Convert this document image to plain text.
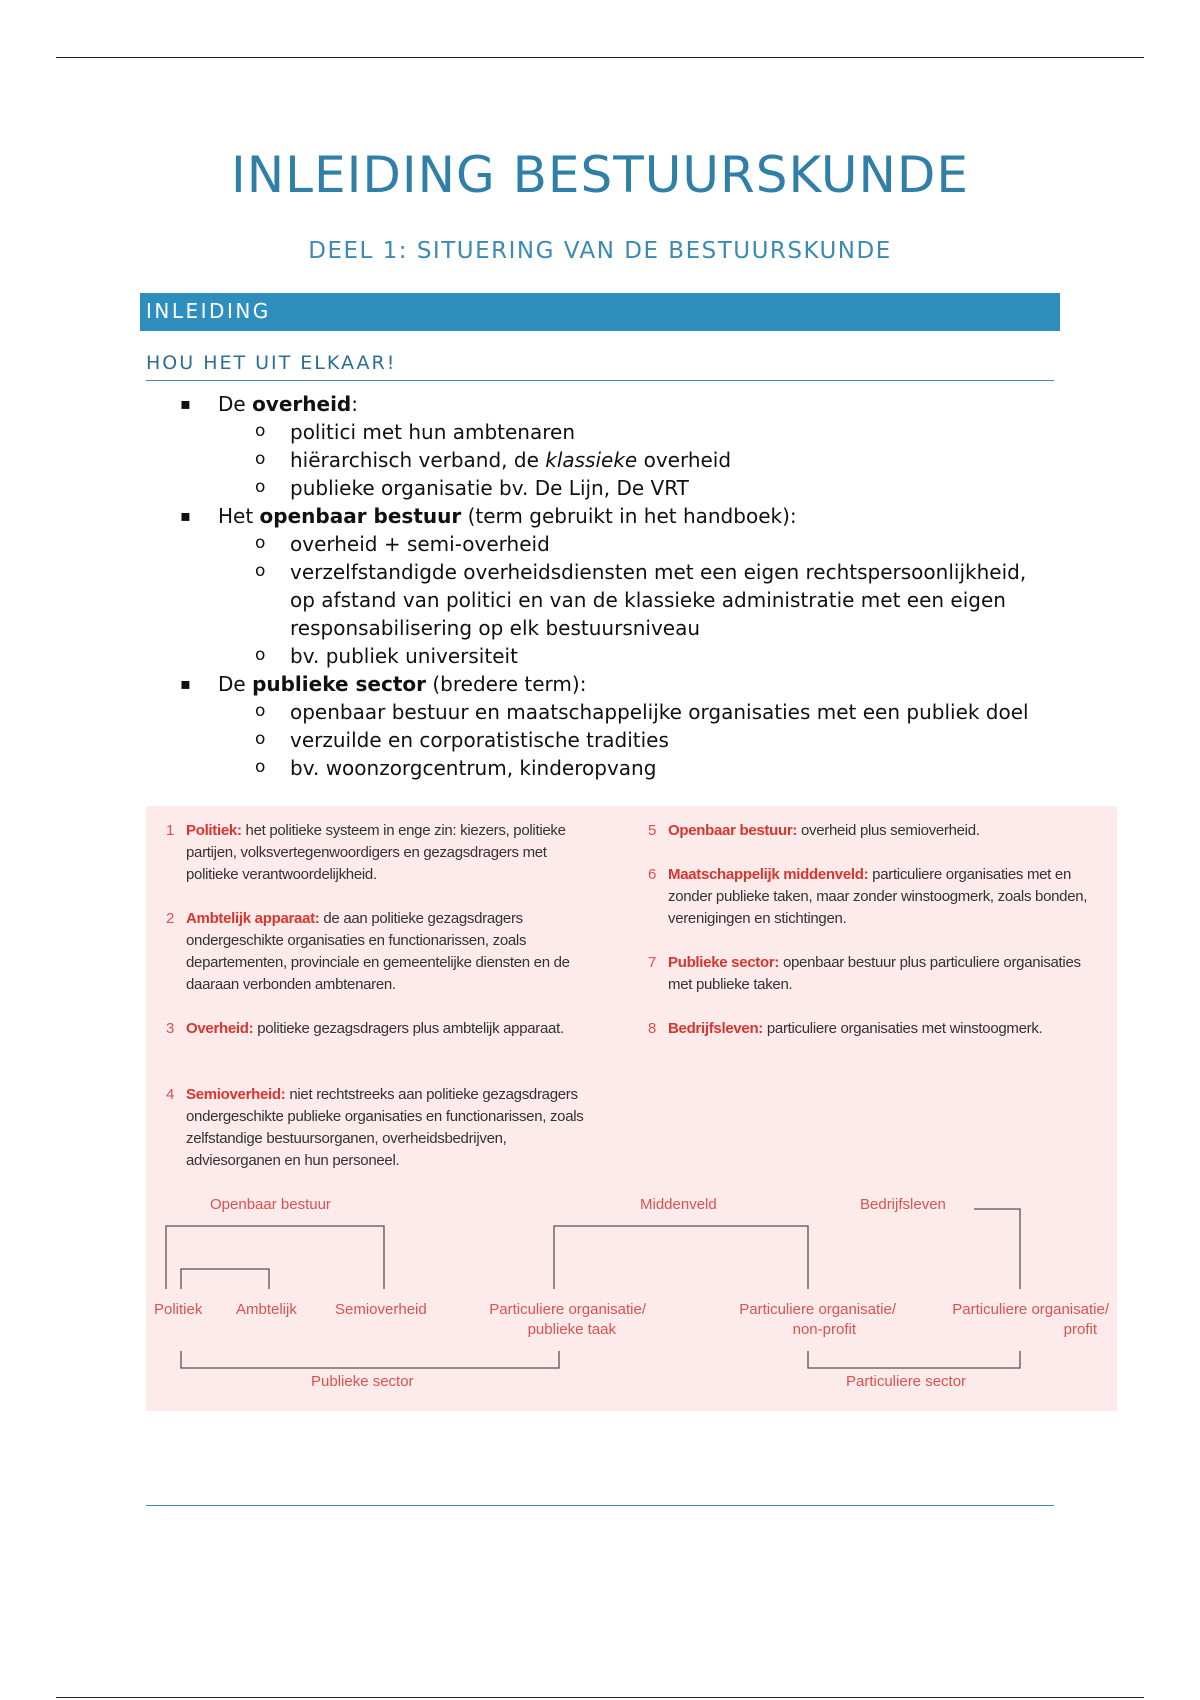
INLEIDING BESTUURSKUNDE
DEEL 1: SITUERING VAN DE BESTUURSKUNDE
INLEIDING
HOU HET UIT ELKAAR!
▪ De overheid:
o politici met hun ambtenaren
o hiërarchisch verband, de klassieke overheid
o publieke organisatie bv. De Lijn, De VRT
▪ Het openbaar bestuur (term gebruikt in het handboek):
o overheid + semi-overheid
o verzelfstandigde overheidsdiensten met een eigen rechtspersoonlijkheid, op afstand van politici en van de klassieke administratie met een eigen responsabilisering op elk bestuursniveau
o bv. publiek universiteit
▪ De publieke sector (bredere term):
o openbaar bestuur en maatschappelijke organisaties met een publiek doel
o verzuilde en corporatistische tradities
o bv. woonzorgcentrum, kinderopvang
1 Politiek: het politieke systeem in enge zin: kiezers, politieke partijen, volksvertegenwoordigers en gezagsdragers met politieke verantwoordelijkheid.
2 Ambtelijk apparaat: de aan politieke gezagsdragers ondergeschikte organisaties en functionarissen, zoals departementen, provinciale en gemeentelijke diensten en de daaraan verbonden ambtenaren.
3 Overheid: politieke gezagsdragers plus ambtelijk apparaat.
4 Semioverheid: niet rechtstreeks aan politieke gezagsdragers ondergeschikte publieke organisaties en functionarissen, zoals zelfstandige bestuursorganen, overheidsbedrijven, adviesorganen en hun personeel.
5 Openbaar bestuur: overheid plus semioverheid.
6 Maatschappelijk middenveld: particuliere organisaties met en zonder publieke taken, maar zonder winstoogmerk, zoals bonden, verenigingen en stichtingen.
7 Publieke sector: openbaar bestuur plus particuliere organisaties met publieke taken.
8 Bedrijfsleven: particuliere organisaties met winstoogmerk.
Openbaar bestuur	Middenveld	Bedrijfsleven
Politiek Ambtelijk	Semioverheid	Particuliere organisatie/
publieke taak
Particuliere organisatie/
non-profit
Particuliere organisatie/
profit
Publieke sector	Particuliere sector
